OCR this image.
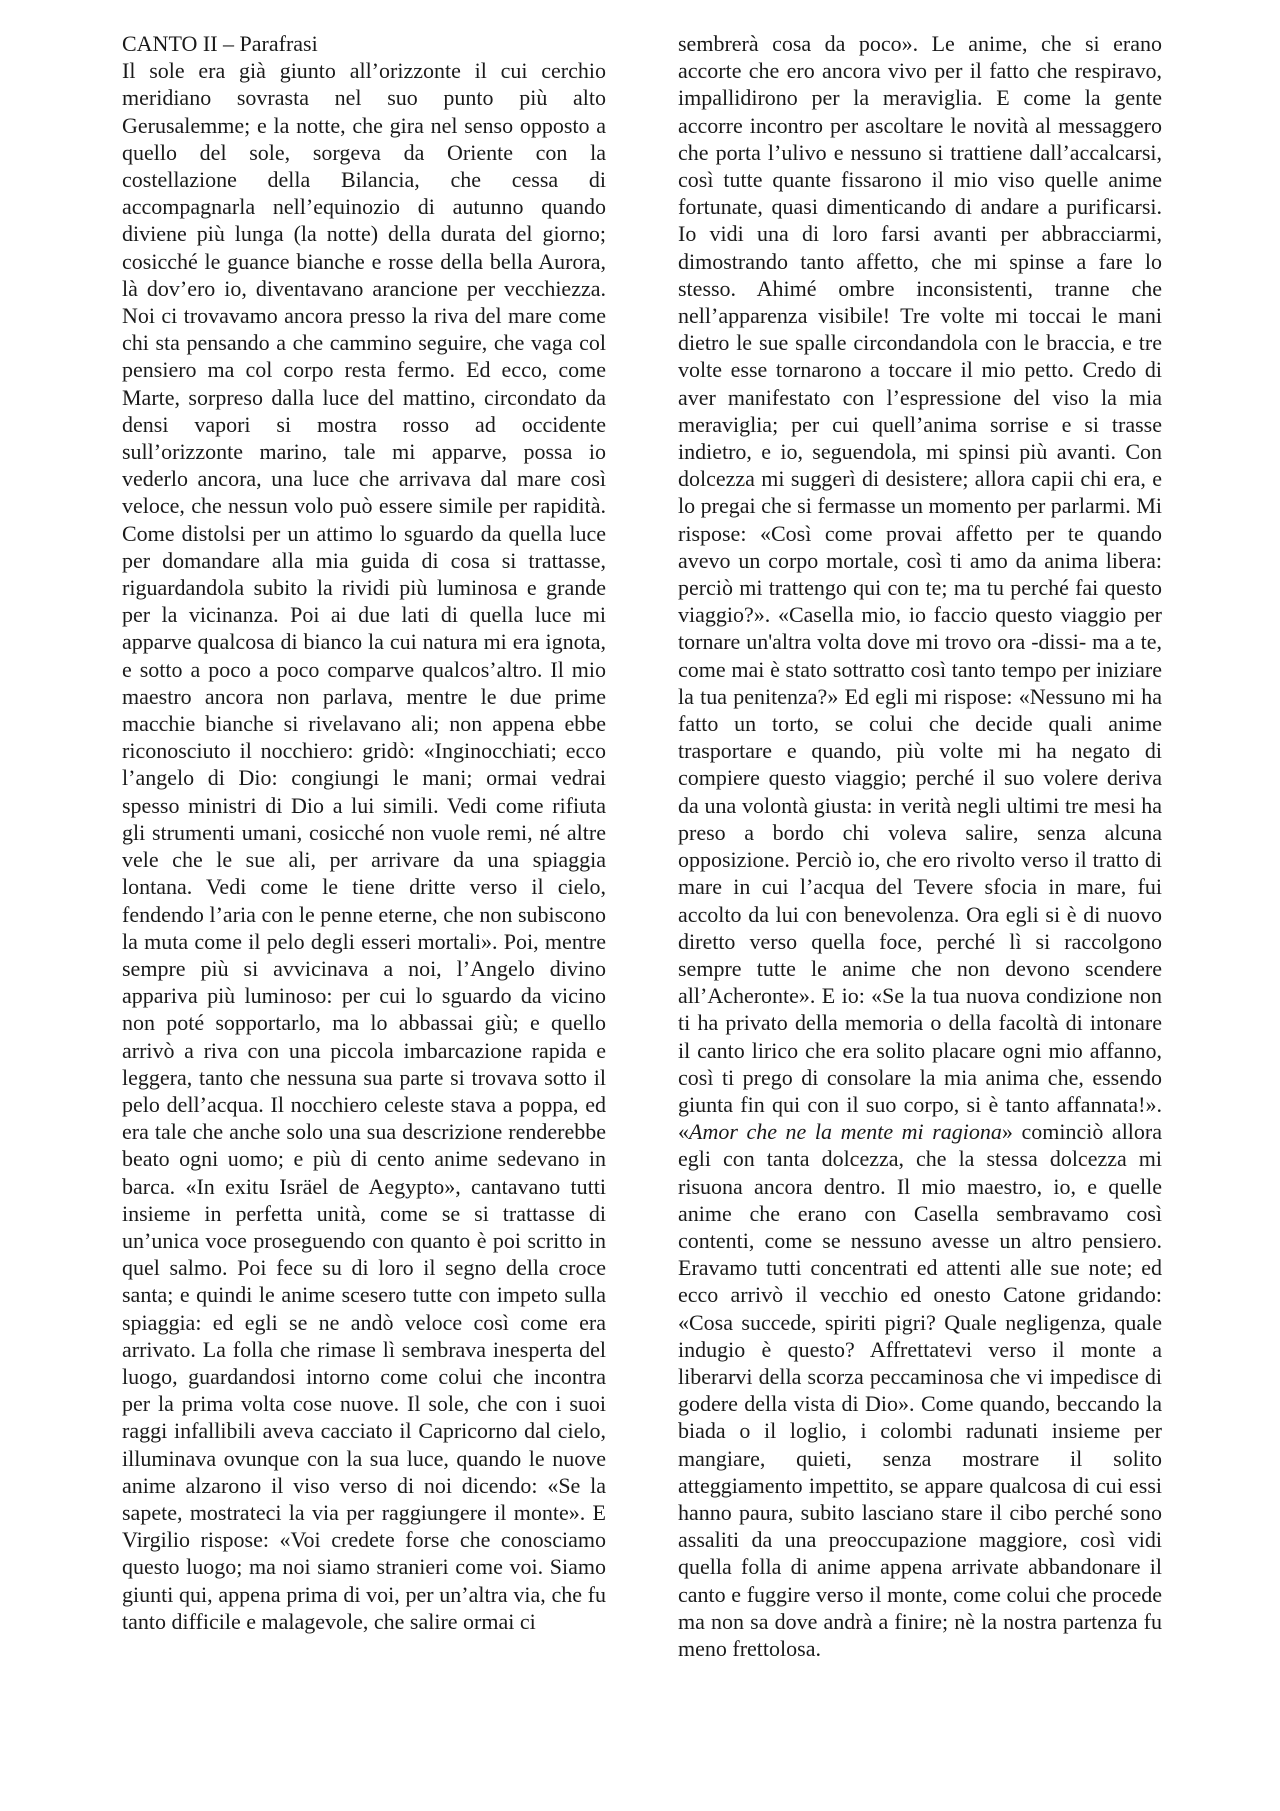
CANTO II – ParafrasiIl sole era già giunto all’orizzonte il cui cerchio meridiano sovrasta nel suo punto più alto Gerusalemme; e la notte, che gira nel senso opposto a quello del sole, sorgeva da Oriente con la costellazione della Bilancia, che cessa di accompagnarla nell’equinozio di autunno quando diviene più lunga (la notte) della durata del giorno; cosicché le guance bianche e rosse della bella Aurora, là dov’ero io, diventavano arancione per vecchiezza. Noi ci trovavamo ancora presso la riva del mare come chi sta pensando a che cammino seguire, che vaga col pensiero ma col corpo resta fermo. Ed ecco, come Marte, sorpreso dalla luce del mattino, circondato da densi vapori si mostra rosso ad occidente sull’orizzonte marino, tale mi apparve, possa io vederlo ancora, una luce che arrivava dal mare così veloce, che nessun volo può essere simile per rapidità. Come distolsi per un attimo lo sguardo da quella luce per domandare alla mia guida di cosa si trattasse, riguardandola subito la rividi più luminosa e grande per la vicinanza. Poi ai due lati di quella luce mi apparve qualcosa di bianco la cui natura mi era ignota, e sotto a poco a poco comparve qualcos’altro. Il mio maestro ancora non parlava, mentre le due prime macchie bianche si rivelavano ali; non appena ebbe riconosciuto il nocchiero: gridò: «Inginocchiati; ecco l’angelo di Dio: congiungi le mani; ormai vedrai spesso ministri di Dio a lui simili. Vedi come rifiuta gli strumenti umani, cosicché non vuole remi, né altre vele che le sue ali, per arrivare da una spiaggia lontana. Vedi come le tiene dritte verso il cielo, fendendo l’aria con le penne eterne, che non subiscono la muta come il pelo degli esseri mortali». Poi, mentre sempre più si avvicinava a noi, l’Angelo divino appariva più luminoso: per cui lo sguardo da vicino non poté sopportarlo, ma lo abbassai giù; e quello arrivò a riva con una piccola imbarcazione rapida e leggera, tanto che nessuna sua parte si trovava sotto il pelo dell’acqua. Il nocchiero celeste stava a poppa, ed era tale che anche solo una sua descrizione renderebbe beato ogni uomo; e più di cento anime sedevano in barca. «In exitu Isräel de Aegypto», cantavano tutti insieme in perfetta unità, come se si trattasse di un’unica voce proseguendo con quanto è poi scritto in quel salmo. Poi fece su di loro il segno della croce santa; e quindi le anime scesero tutte con impeto sulla spiaggia: ed egli se ne andò veloce così come era arrivato. La folla che rimase lì sembrava inesperta del luogo, guardandosi intorno come colui che incontra per la prima volta cose nuove. Il sole, che con i suoi raggi infallibili aveva cacciato il Capricorno dal cielo, illuminava ovunque con la sua luce, quando le nuove anime alzarono il viso verso di noi dicendo: «Se la sapete, mostrateci la via per raggiungere il monte». E Virgilio rispose: «Voi credete forse che conosciamo questo luogo; ma noi siamo stranieri come voi. Siamo giunti qui, appena prima di voi, per un’altra via, che fu tanto difficile e malagevole, che salire ormai ci

sembrerà cosa da poco». Le anime, che si erano accorte che ero ancora vivo per il fatto che respiravo, impallidirono per la meraviglia. E come la gente accorre incontro per ascoltare le novità al messaggero che porta l’ulivo e nessuno si trattiene dall’accalcarsi, così tutte quante fissarono il mio viso quelle anime fortunate, quasi dimenticando di andare a purificarsi. Io vidi una di loro farsi avanti per abbracciarmi, dimostrando tanto affetto, che mi spinse a fare lo stesso. Ahimé ombre inconsistenti, tranne che nell’apparenza visibile! Tre volte mi toccai le mani dietro le sue spalle circondandola con le braccia, e tre volte esse tornarono a toccare il mio petto. Credo di aver manifestato con l’espressione del viso la mia meraviglia; per cui quell’anima sorrise e si trasse indietro, e io, seguendola, mi spinsi più avanti. Con dolcezza mi suggerì di desistere; allora capii chi era, e lo pregai che si fermasse un momento per parlarmi. Mi rispose: «Così come provai affetto per te quando avevo un corpo mortale, così ti amo da anima libera: perciò mi trattengo qui con te; ma tu perché fai questo viaggio?». «Casella mio, io faccio questo viaggio per tornare un'altra volta dove mi trovo ora -dissi- ma a te, come mai è stato sottratto così tanto tempo per iniziare la tua penitenza?» Ed egli mi rispose: «Nessuno mi ha fatto un torto, se colui che decide quali anime trasportare e quando, più volte mi ha negato di compiere questo viaggio; perché il suo volere deriva da una volontà giusta: in verità negli ultimi tre mesi ha preso a bordo chi voleva salire, senza alcuna opposizione. Perciò io, che ero rivolto verso il tratto di mare in cui l’acqua del Tevere sfocia in mare, fui accolto da lui con benevolenza. Ora egli si è di nuovo diretto verso quella foce, perché lì si raccolgono sempre tutte le anime che non devono scendere all’Acheronte». E io: «Se la tua nuova condizione non ti ha privato della memoria o della facoltà di intonare il canto lirico che era solito placare ogni mio affanno, così ti prego di consolare la mia anima che, essendo giunta fin qui con il suo corpo, si è tanto affannata!». «Amor che ne la mente mi ragiona» cominciò allora egli con tanta dolcezza, che la stessa dolcezza mi risuona ancora dentro. Il mio maestro, io, e quelle anime che erano con Casella sembravamo così contenti, come se nessuno avesse un altro pensiero. Eravamo tutti concentrati ed attenti alle sue note; ed ecco arrivò il vecchio ed onesto Catone gridando: «Cosa succede, spiriti pigri? Quale negligenza, quale indugio è questo? Affrettatevi verso il monte a liberarvi della scorza peccaminosa che vi impedisce di godere della vista di Dio». Come quando, beccando la biada o il loglio, i colombi radunati insieme per mangiare, quieti, senza mostrare il solito atteggiamento impettito, se appare qualcosa di cui essi hanno paura, subito lasciano stare il cibo perché sono assaliti da una preoccupazione maggiore, così vidi quella folla di anime appena arrivate abbandonare il canto e fuggire verso il monte, come colui che procede ma non sa dove andrà a finire; nè la nostra partenza fu meno frettolosa.
